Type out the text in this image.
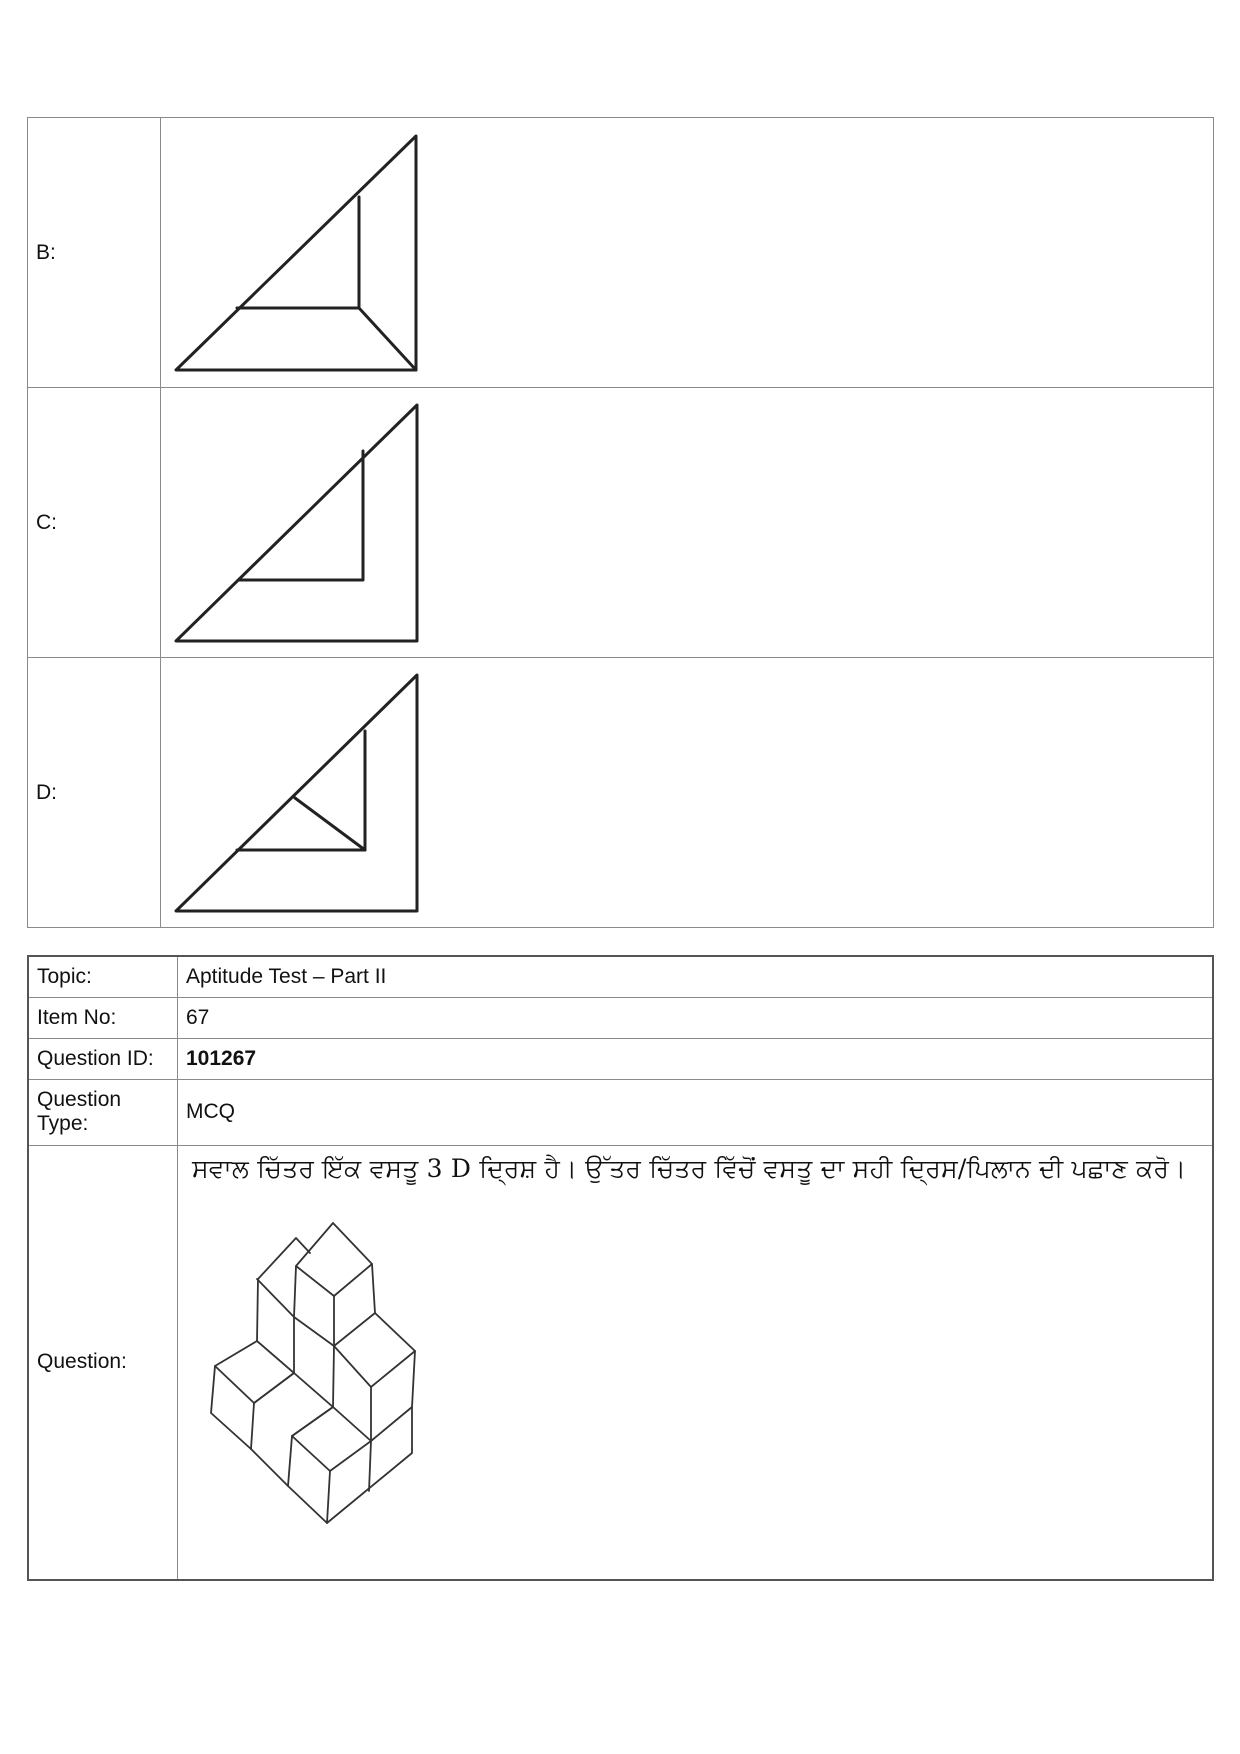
B:	

C:	

D:	
Topic:	Aptitude Test – Part II
Item No:	67
Question ID:	101267
Question Type:	MCQ
Question:	ਸਵਾਲ ਚਿੱਤਰ ਇੱਕ ਵਸਤੂ 3 D ਦ੍ਰਿਸ਼ ਹੈ। ਉੱਤਰ ਚਿੱਤਰ ਵਿੱਚੋਂ ਵਸਤੂ ਦਾ ਸਹੀ ਦ੍ਰਿਸ/ਪਿਲਾਨ ਦੀ ਪਛਾਣ ਕਰੋ।
